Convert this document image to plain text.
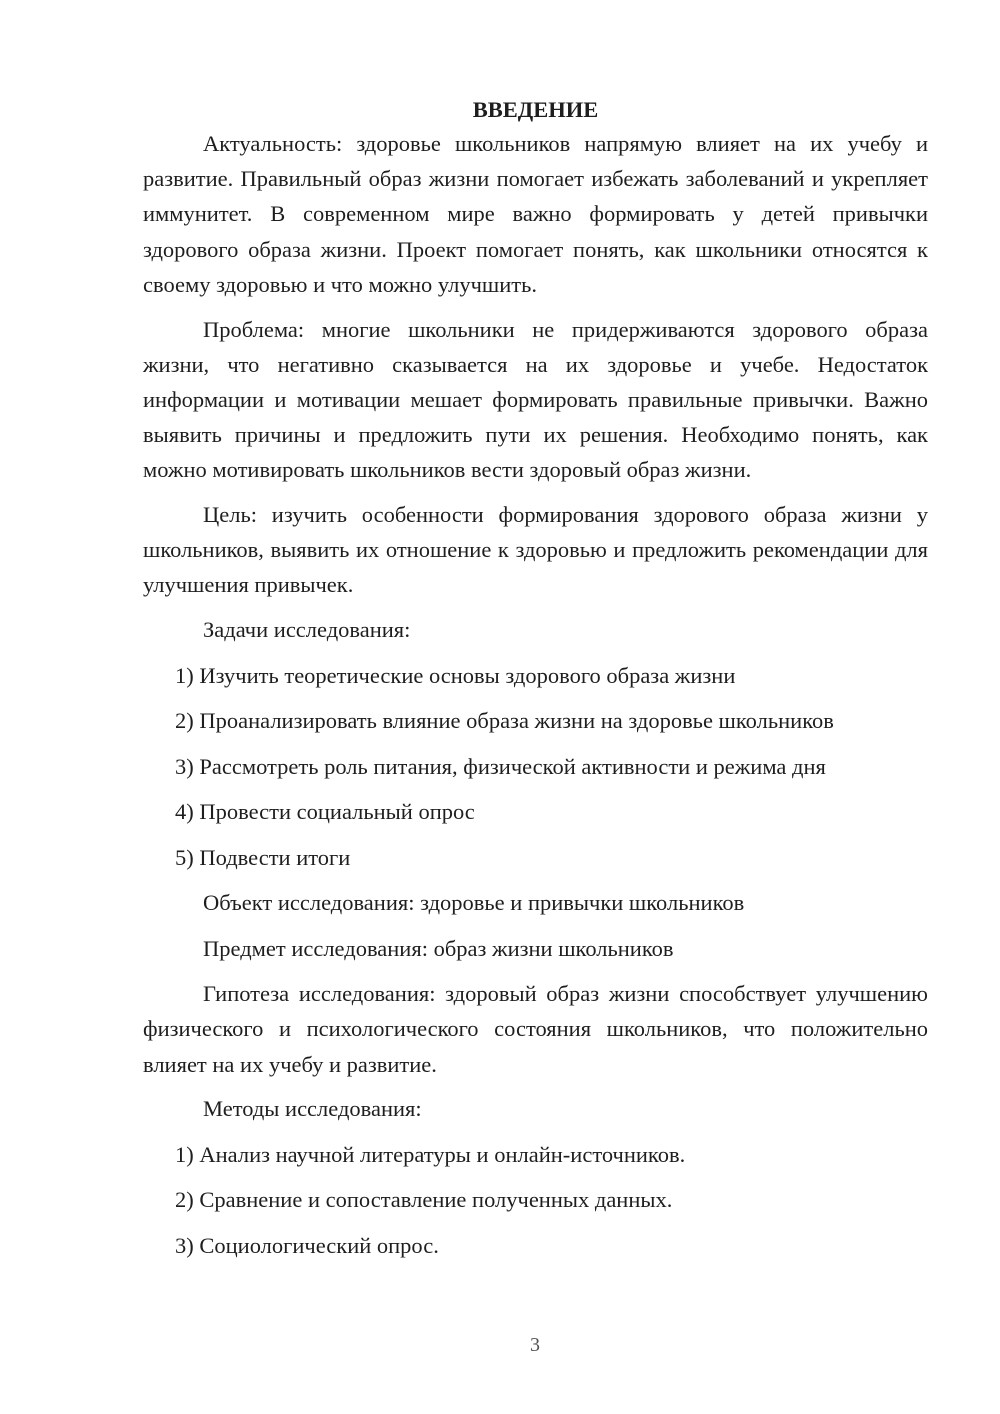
ВВЕДЕНИЕ

Актуальность: здоровье школьников напрямую влияет на их учебу и развитие. Правильный образ жизни помогает избежать заболеваний и укрепляет иммунитет. В современном мире важно формировать у детей привычки здорового образа жизни. Проект помогает понять, как школьники относятся к своему здоровью и что можно улучшить.

Проблема: многие школьники не придерживаются здорового образа жизни, что негативно сказывается на их здоровье и учебе. Недостаток информации и мотивации мешает формировать правильные привычки. Важно выявить причины и предложить пути их решения. Необходимо понять, как можно мотивировать школьников вести здоровый образ жизни.

Цель: изучить особенности формирования здорового образа жизни у школьников, выявить их отношение к здоровью и предложить рекомендации для улучшения привычек.

Задачи исследования:

1) Изучить теоретические основы здорового образа жизни

2) Проанализировать влияние образа жизни на здоровье школьников

3) Рассмотреть роль питания, физической активности и режима дня

4) Провести социальный опрос

5) Подвести итоги

Объект исследования: здоровье и привычки школьников

Предмет исследования: образ жизни школьников

Гипотеза исследования: здоровый образ жизни способствует улучшению физического и психологического состояния школьников, что положительно влияет на их учебу и развитие.

Методы исследования:

1) Анализ научной литературы и онлайн-источников.

2) Сравнение и сопоставление полученных данных.

3) Социологический опрос.

3
